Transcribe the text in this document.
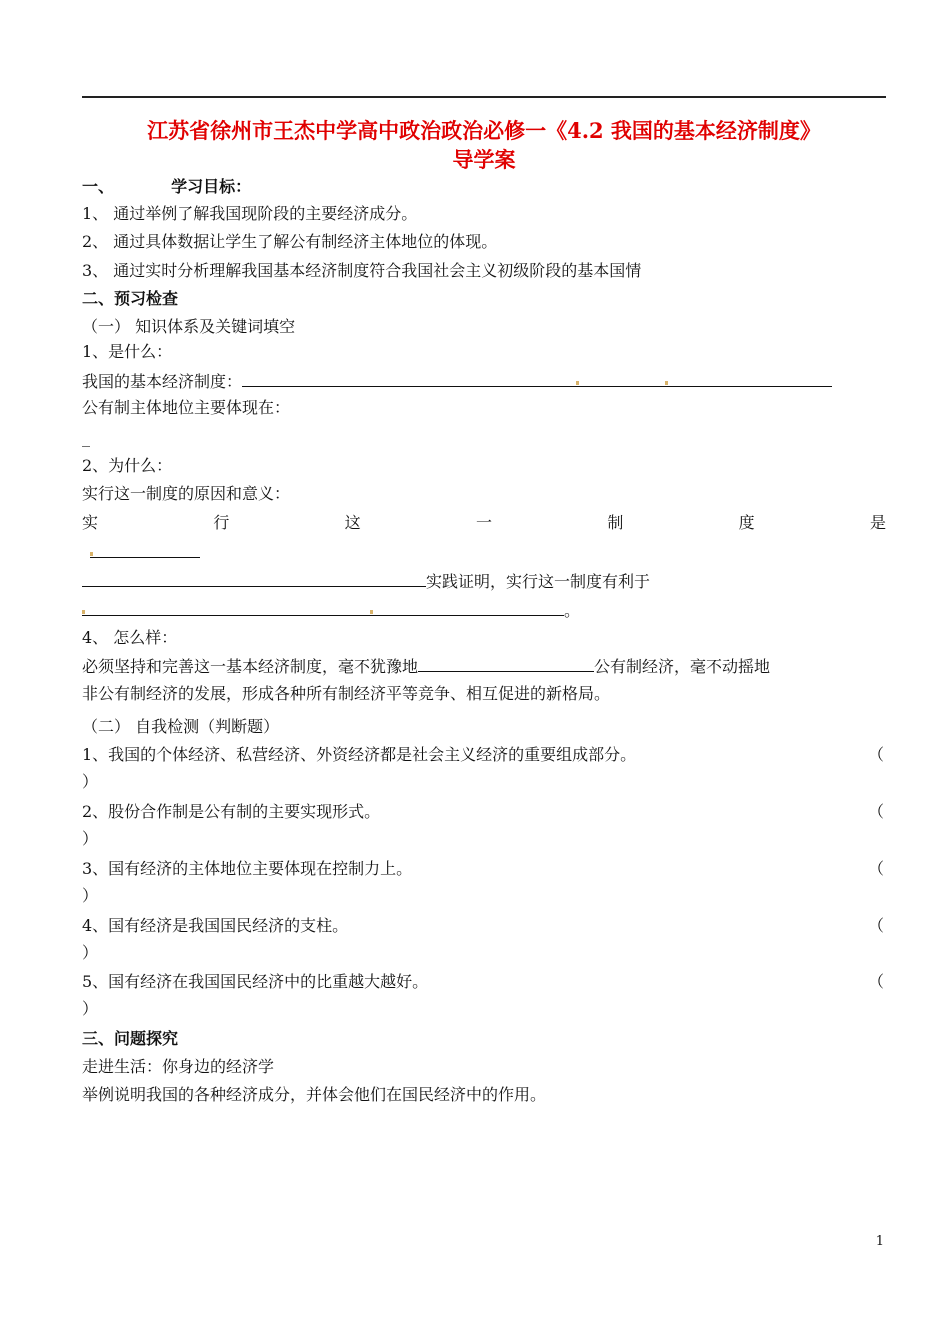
江苏省徐州市王杰中学高中政治政治必修一《4.2 我国的基本经济制度》
导学案
一、	学习目标：
1、 通过举例了解我国现阶段的主要经济成分。
2、 通过具体数据让学生了解公有制经济主体地位的体现。
3、 通过实时分析理解我国基本经济制度符合我国社会主义初级阶段的基本国情
二、预习检查
（一） 知识体系及关键词填空
1、是什么：
我国的基本经济制度：
公有制主体地位主要体现在：
_
2、为什么：
实行这一制度的原因和意义：
实	行	这	一	制	度	是
实践证明，实行这一制度有利于
。
4、 怎么样：
必须坚持和完善这一基本经济制度，毫不犹豫地	公有制经济，毫不动摇地
非公有制经济的发展，形成各种所有制经济平等竞争、相互促进的新格局。
（二） 自我检测（判断题）
1、我国的个体经济、私营经济、外资经济都是社会主义经济的重要组成部分。	（
）
2、股份合作制是公有制的主要实现形式。	（
）
3、国有经济的主体地位主要体现在控制力上。	（
）
4、国有经济是我国国民经济的支柱。	（
）
5、国有经济在我国国民经济中的比重越大越好。	（
）
三、问题探究
走进生活：你身边的经济学
举例说明我国的各种经济成分，并体会他们在国民经济中的作用。
1
